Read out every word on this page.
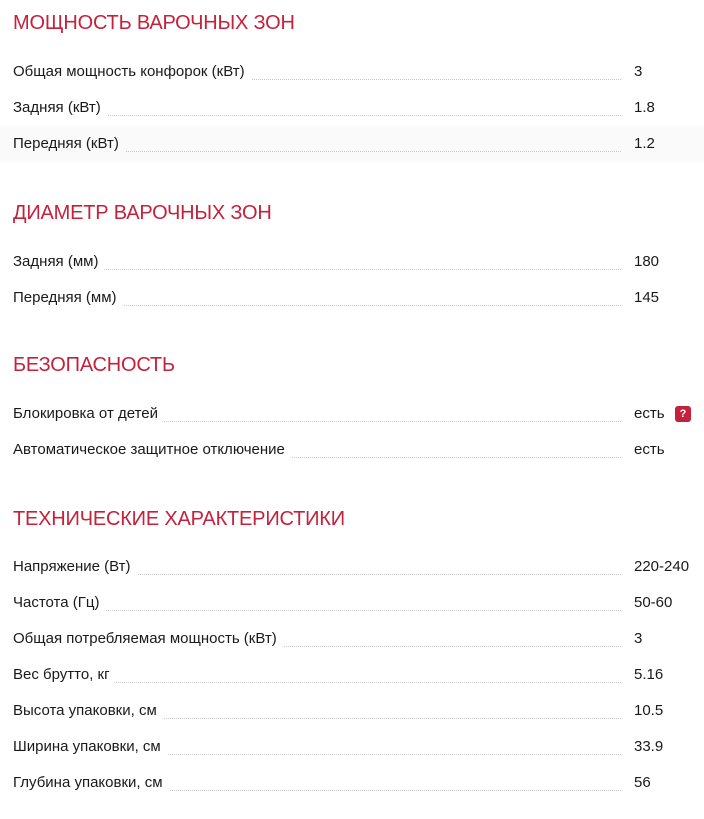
МОЩНОСТЬ ВАРОЧНЫХ ЗОН
Общая мощность конфорок (кВт)	3
Задняя (кВт)	1.8
Передняя (кВт)	1.2
ДИАМЕТР ВАРОЧНЫХ ЗОН
Задняя (мм)	180
Передняя (мм)	145
БЕЗОПАСНОСТЬ
Блокировка от детей	есть	?
Автоматическое защитное отключение	есть
ТЕХНИЧЕСКИЕ ХАРАКТЕРИСТИКИ
Напряжение (Вт)	220-240
Частота (Гц)	50-60
Общая потребляемая мощность (кВт)	3
Вес брутто, кг	5.16
Высота упаковки, см	10.5
Ширина упаковки, см	33.9
Глубина упаковки, см	56
